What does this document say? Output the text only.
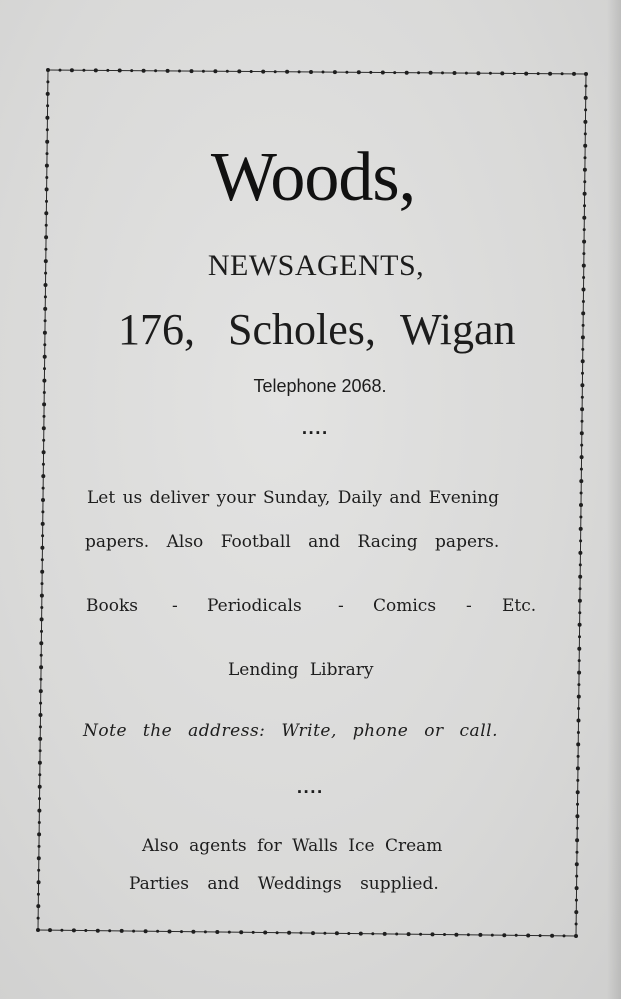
Woods,
NEWSAGENTS,
176, Scholes, Wigan
Telephone 2068.
....
Let us deliver your Sunday, Daily and Evening
papers. Also Football and Racing papers.
Books - Periodicals - Comics - Etc.
Lending Library
Note the address: Write, phone or call.
....
Also agents for Walls Ice Cream
Parties and Weddings supplied.
